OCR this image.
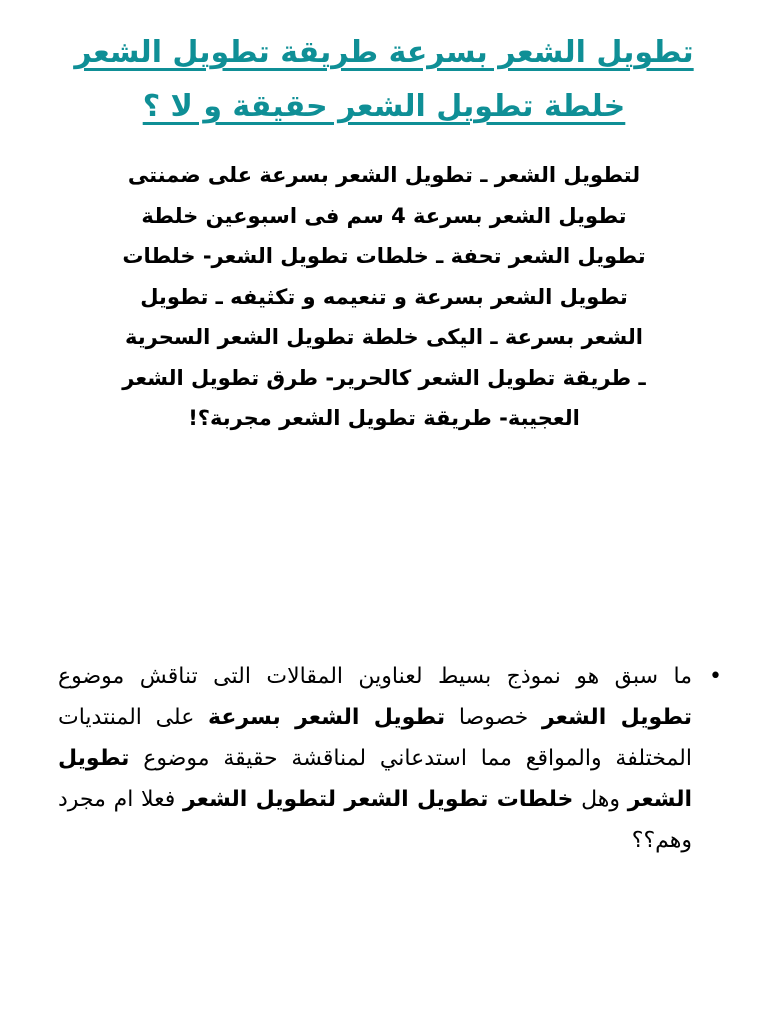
تطويل الشعر بسرعة طريقة تطويل الشعر
خلطة تطويل الشعر حقيقة و لا ؟
لتطويل الشعر ـ تطويل الشعر بسرعة على ضمنتى تطويل الشعر بسرعة 4 سم فى اسبوعين خلطة تطويل الشعر تحفة ـ خلطات تطويل الشعر- خلطات تطويل الشعر بسرعة و تنعيمه و تكثيفه ـ تطويل الشعر بسرعة ـ اليكى خلطة تطويل الشعر السحرية ـ طريقة تطويل الشعر كالحرير- طرق تطويل الشعر العجيبة- طريقة تطويل الشعر مجربة؟!
•
ما سبق هو نموذج بسيط لعناوين المقالات التى تناقش موضوع تطويل الشعر خصوصا تطويل الشعر بسرعة على المنتديات المختلفة والمواقع مما استدعاني لمناقشة حقيقة موضوع تطويل الشعر وهل خلطات تطويل الشعر لتطويل الشعر فعلا ام مجرد وهم؟؟
